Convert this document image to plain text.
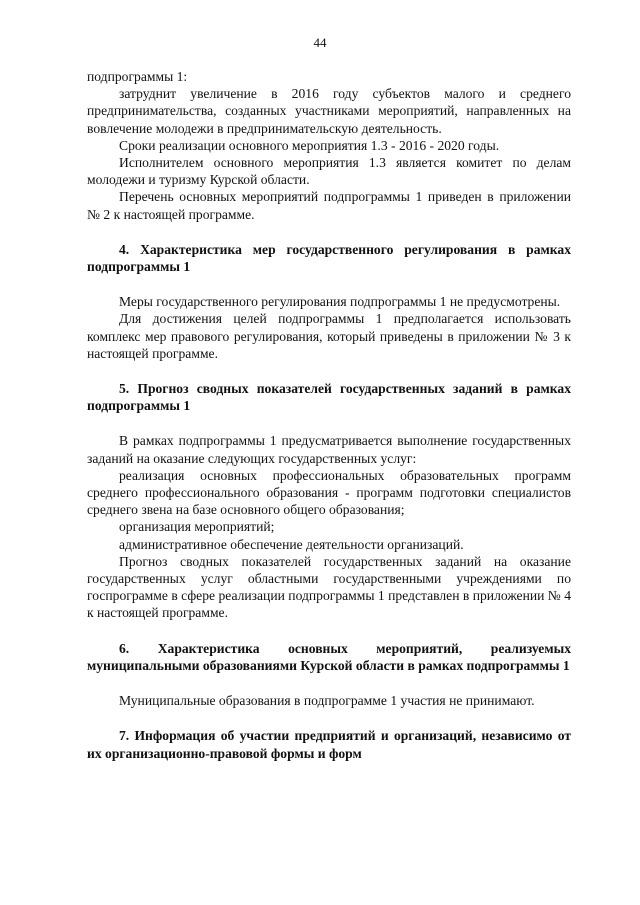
44

подпрограммы 1:

затруднит увеличение в 2016 году субъектов малого и среднего предпринимательства, созданных участниками мероприятий, направленных на вовлечение молодежи в предпринимательскую деятельность.

Сроки реализации основного мероприятия 1.3 - 2016 - 2020 годы.

Исполнителем основного мероприятия 1.3 является комитет по делам молодежи и туризму Курской области.

Перечень основных мероприятий подпрограммы 1 приведен в приложении № 2 к настоящей программе.

4. Характеристика мер государственного регулирования в рамках подпрограммы 1

Меры государственного регулирования подпрограммы 1 не предусмотрены.

Для достижения целей подпрограммы 1 предполагается использовать комплекс мер правового регулирования, который приведены в приложении № 3 к настоящей программе.

5. Прогноз сводных показателей государственных заданий в рамках подпрограммы 1

В рамках подпрограммы 1 предусматривается выполнение государственных заданий на оказание следующих государственных услуг:

реализация основных профессиональных образовательных программ среднего профессионального образования - программ подготовки специалистов среднего звена на базе основного общего образования;

организация мероприятий;

административное обеспечение деятельности организаций.

Прогноз сводных показателей государственных заданий на оказание государственных услуг областными государственными учреждениями по госпрограмме в сфере реализации подпрограммы 1 представлен в приложении № 4 к настоящей программе.

6. Характеристика основных мероприятий, реализуемых муниципальными образованиями Курской области в рамках подпрограммы 1

Муниципальные образования в подпрограмме 1 участия не принимают.

7. Информация об участии предприятий и организаций, независимо от их организационно-правовой формы и форм
